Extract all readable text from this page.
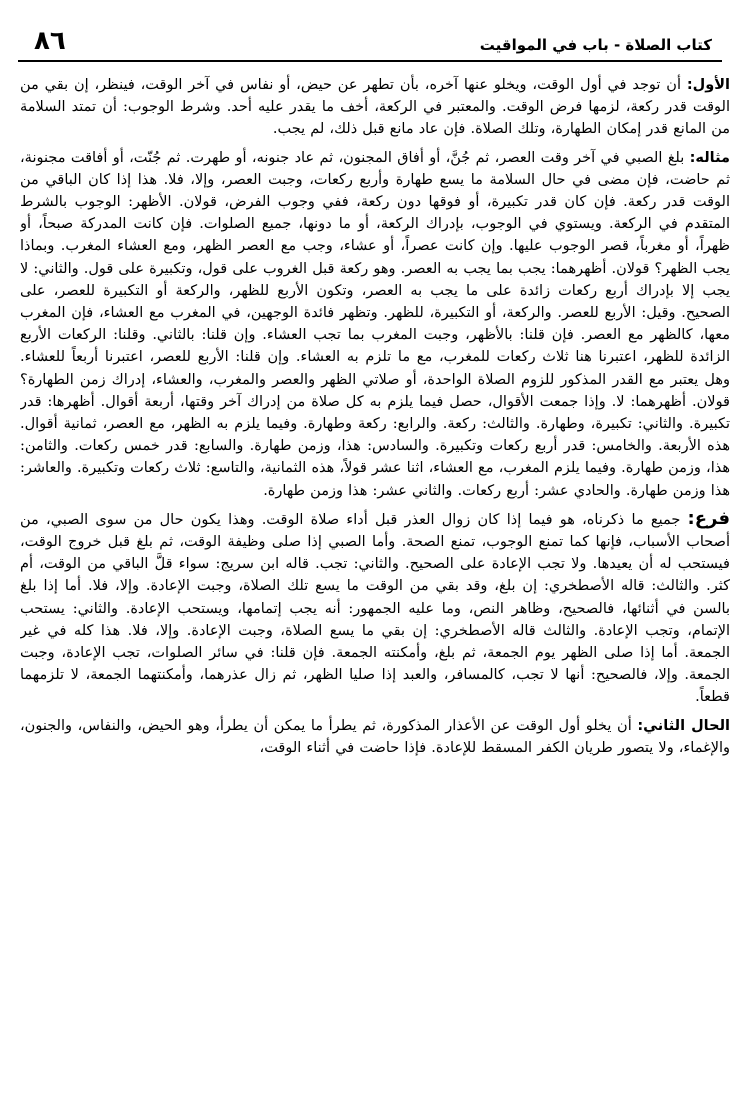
٨٦	كتاب الصلاة - باب في المواقيت

الأول: أن توجد في أول الوقت، ويخلو عنها آخره، بأن تطهر عن حيض، أو نفاس في آخر الوقت، فينظر، إن بقي من الوقت قدر ركعة، لزمها فرض الوقت. والمعتبر في الركعة، أخف ما يقدر عليه أحد. وشرط الوجوب: أن تمتد السلامة من المانع قدر إمكان الطهارة، وتلك الصلاة. فإن عاد مانع قبل ذلك، لم يجب.

مثاله: بلغ الصبي في آخر وقت العصر، ثم جُنَّ، أو أفاق المجنون، ثم عاد جنونه، أو طهرت. ثم جُنّت، أو أفاقت مجنونة، ثم حاضت، فإن مضى في حال السلامة ما يسع طهارة وأربع ركعات، وجبت العصر، وإلا، فلا. هذا إذا كان الباقي من الوقت قدر ركعة. فإن كان قدر تكبيرة، أو فوقها دون ركعة، ففي وجوب الفرض، قولان. الأظهر: الوجوب بالشرط المتقدم في الركعة. ويستوي في الوجوب، بإدراك الركعة، أو ما دونها، جميع الصلوات. فإن كانت المدركة صبحاً، أو ظهراً، أو مغرباً، قصر الوجوب عليها. وإن كانت عصراً، أو عشاء، وجب مع العصر الظهر، ومع العشاء المغرب. وبماذا يجب الظهر؟ قولان. أظهرهما: يجب بما يجب به العصر. وهو ركعة قبل الغروب على قول، وتكبيرة على قول. والثاني: لا يجب إلا بإدراك أربع ركعات زائدة على ما يجب به العصر، وتكون الأربع للظهر، والركعة أو التكبيرة للعصر، على الصحيح. وقيل: الأربع للعصر. والركعة، أو التكبيرة، للظهر. وتظهر فائدة الوجهين، في المغرب مع العشاء، فإن المغرب معها، كالظهر مع العصر. فإن قلنا: بالأظهر، وجبت المغرب بما تجب العشاء. وإن قلنا: بالثاني. وقلنا: الركعات الأربع الزائدة للظهر، اعتبرنا هنا ثلاث ركعات للمغرب، مع ما تلزم به العشاء. وإن قلنا: الأربع للعصر، اعتبرنا أربعاً للعشاء. وهل يعتبر مع القدر المذكور للزوم الصلاة الواحدة، أو صلاتي الظهر والعصر والمغرب، والعشاء، إدراك زمن الطهارة؟ قولان. أظهرهما: لا. وإذا جمعت الأقوال، حصل فيما يلزم به كل صلاة من إدراك آخر وقتها، أربعة أقوال. أظهرها: قدر تكبيرة. والثاني: تكبيرة، وطهارة. والثالث: ركعة. والرابع: ركعة وطهارة. وفيما يلزم به الظهر، مع العصر، ثمانية أقوال. هذه الأربعة. والخامس: قدر أربع ركعات وتكبيرة. والسادس: هذا، وزمن طهارة. والسابع: قدر خمس ركعات. والثامن: هذا، وزمن طهارة. وفيما يلزم المغرب، مع العشاء، اثنا عشر قولاً، هذه الثمانية، والتاسع: ثلاث ركعات وتكبيرة. والعاشر: هذا وزمن طهارة. والحادي عشر: أربع ركعات. والثاني عشر: هذا وزمن طهارة.

فرع: جميع ما ذكرناه، هو فيما إذا كان زوال العذر قبل أداء صلاة الوقت. وهذا يكون حال من سوى الصبي، من أصحاب الأسباب، فإنها كما تمنع الوجوب، تمنع الصحة. وأما الصبي إذا صلى وظيفة الوقت، ثم بلغ قبل خروج الوقت، فيستحب له أن يعيدها. ولا تجب الإعادة على الصحيح. والثاني: تجب. قاله ابن سريج: سواء قلَّ الباقي من الوقت، أم كثر. والثالث: قاله الأصطخري: إن بلغ، وقد بقي من الوقت ما يسع تلك الصلاة، وجبت الإعادة. وإلا، فلا. أما إذا بلغ بالسن في أثنائها، فالصحيح، وظاهر النص، وما عليه الجمهور: أنه يجب إتمامها، ويستحب الإعادة. والثاني: يستحب الإتمام، وتجب الإعادة. والثالث قاله الأصطخري: إن بقي ما يسع الصلاة، وجبت الإعادة. وإلا، فلا. هذا كله في غير الجمعة. أما إذا صلى الظهر يوم الجمعة، ثم بلغ، وأمكنته الجمعة. فإن قلنا: في سائر الصلوات، تجب الإعادة، وجبت الجمعة. وإلا، فالصحيح: أنها لا تجب، كالمسافر، والعبد إذا صليا الظهر، ثم زال عذرهما، وأمكنتهما الجمعة، لا تلزمهما قطعاً.

الحال الثاني: أن يخلو أول الوقت عن الأعذار المذكورة، ثم يطرأ ما يمكن أن يطرأ، وهو الحيض، والنفاس، والجنون، والإغماء، ولا يتصور طريان الكفر المسقط للإعادة. فإذا حاضت في أثناء الوقت،
